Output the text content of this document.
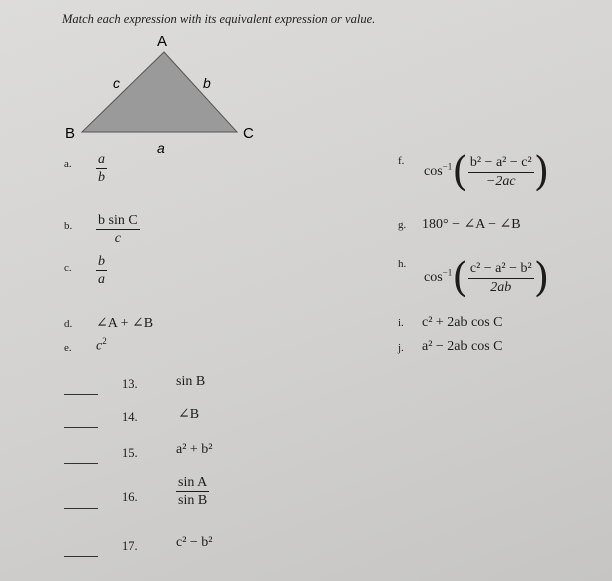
Match each expression with its equivalent expression or value.
A
B	C
c	b
a
a. $\frac{a}{b}$
b. $\frac{\text{b sin C}}{c}$
c. $\frac{b}{a}$
d. ∠A + ∠B
e. $c^2$
f.
$\cos^{-1}( \frac{\text{b² − a² − c²}}{-2ac}$ )
g. 180° − ∠A − ∠B
h.
$\cos^{-1}( \frac{\text{c² − a² − b²}}{2ab}$ )
i. c² + 2ab cos C
j. a² − 2ab cos C
13.	sin B
14.	∠B
15.	a² + b²
16.	$\frac{\text{sin A}}{\text{sin B}}$
17.	c² − b²
